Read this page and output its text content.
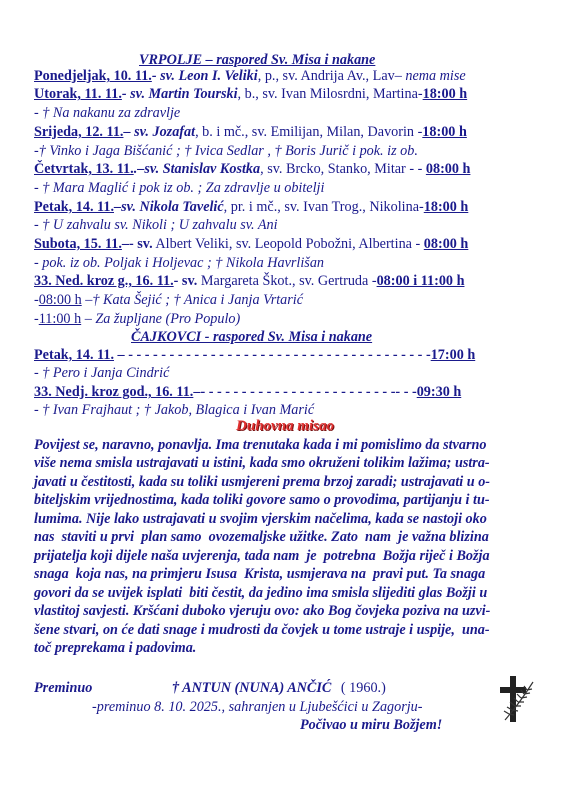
VRPOLJE – raspored Sv. Misa i nakane
Ponedjeljak, 10. 11.- sv. Leon I. Veliki, p., sv. Andrija Av., Lav– nema mise
Utorak, 11. 11.- sv. Martin Tourski, b., sv. Ivan Milosrdni, Martina-18:00 h
- † Na nakanu za zdravlje
Srijeda, 12. 11.– sv. Jozafat, b. i mč., sv. Emilijan, Milan, Davorin -18:00 h
-† Vinko i Jaga Bišćanić ; † Ivica Sedlar , † Boris Jurič i pok. iz ob.
Četvrtak, 13. 11..–sv. Stanislav Kostka, sv. Brcko, Stanko, Mitar - - 08:00 h
- † Mara Maglić i pok iz ob. ; Za zdravlje u obitelji
Petak, 14. 11.–sv. Nikola Tavelić, pr. i mč., sv. Ivan Trog., Nikolina-18:00 h
- † U zahvalu sv. Nikoli ; U zahvalu sv. Ani
Subota, 15. 11.–- sv. Albert Veliki, sv. Leopold Pobožni, Albertina - 08:00 h
- pok. iz ob. Poljak i Holjevac ; † Nikola Havrlišan
33. Ned. kroz g., 16. 11.- sv. Margareta Škot., sv. Gertruda -08:00 i 11:00 h
-08:00 h –† Kata Šejić ; † Anica i Janja Vrtarić
-11:00 h – Za župljane (Pro Populo)
ČAJKOVCI - raspored Sv. Misa i nakane
Petak, 14. 11. – - - - - - - - - - - - - - - - - - - - - - - - - - - - - - - - - - - - - -17:00 h
- † Pero i Janja Cindrić
33. Nedj. kroz god., 16. 11.–- - - - - - - - - - - - - - - - - - - - - - - -- - -09:30 h
- † Ivan Frajhaut ; † Jakob, Blagica i Ivan Marić
Duhovna misao
Povijest se, naravno, ponavlja. Ima trenutaka kada i mi pomislimo da stvarno
više nema smisla ustrajavati u istini, kada smo okruženi tolikim lažima; ustra-
javati u čestitosti, kada su toliki usmjereni prema brzoj zaradi; ustrajavati u o-
biteljskim vrijednostima, kada toliki govore samo o provodima, partijanju i tu-
lumima. Nije lako ustrajavati u svojim vjerskim načelima, kada se nastoji oko
nas  staviti u prvi  plan samo  ovozemaljske užitke. Zato  nam  je važna blizina
prijatelja koji dijele naša uvjerenja, tada nam  je  potrebna  Božja riječ i Božja
snaga  koja nas, na primjeru Isusa  Krista, usmjerava na  pravi put. Ta snaga
govori da se uvijek isplati  biti čestit, da jedino ima smisla slijediti glas Božji u
vlastitoj savjesti. Kršćani duboko vjeruju ovo: ako Bog čovjeka poziva na uzvi-
šene stvari, on će dati snage i mudrosti da čovjek u tome ustraje i uspije,  una-
toč preprekama i padovima.
Preminuo	† ANTUN (NUNA) ANČIĆ ( 1960.)
-preminuo 8. 10. 2025., sahranjen u Ljubešćici u Zagorju-
Počivao u miru Božjem!
